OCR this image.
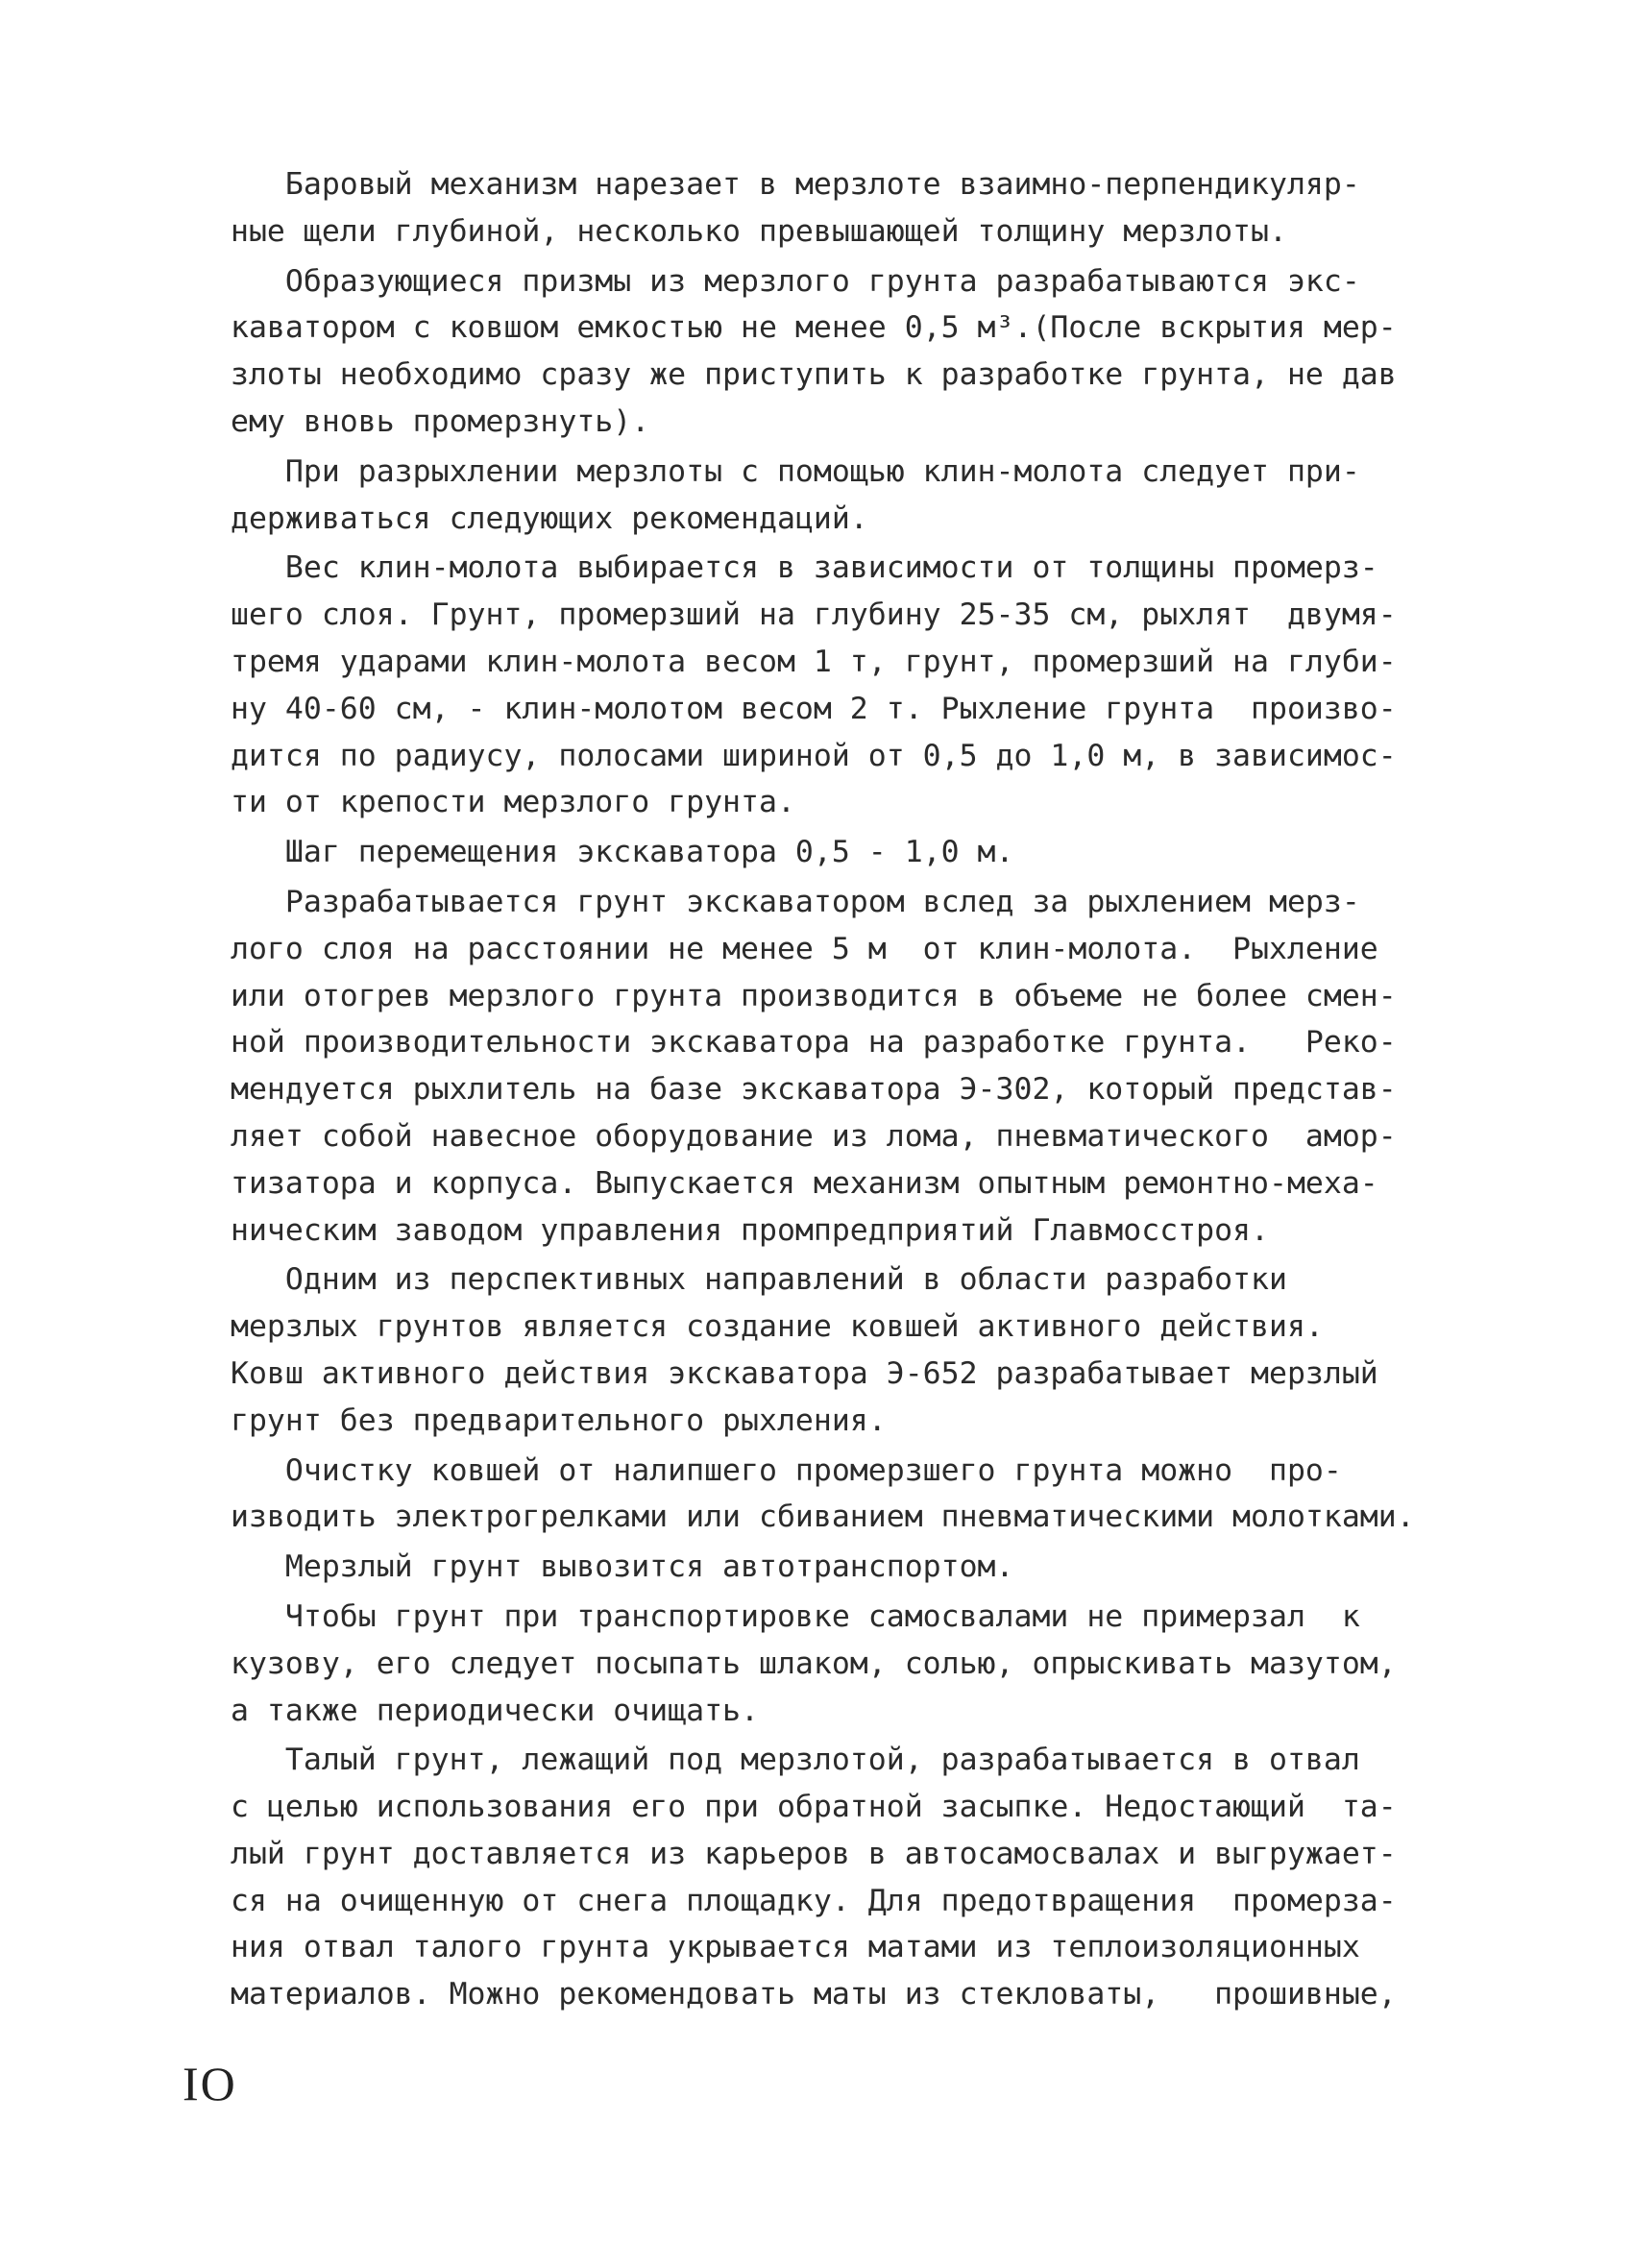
Баровый механизм нарезает в мерзлоте взаимно-перпендикуляр-
ные щели глубиной, несколько превышающей толщину мерзлоты.
Образующиеся призмы из мерзлого грунта разрабатываются экс-
каватором с ковшом емкостью не менее 0,5 м³.(После вскрытия мер-
злоты необходимо сразу же приступить к разработке грунта, не дав
ему вновь промерзнуть).
При разрыхлении мерзлоты с помощью клин-молота следует при-
держиваться следующих рекомендаций.
Вес клин-молота выбирается в зависимости от толщины промерз-
шего слоя. Грунт, промерзший на глубину 25-35 см, рыхлят  двумя-
тремя ударами клин-молота весом 1 т, грунт, промерзший на глуби-
ну 40-60 см, - клин-молотом весом 2 т. Рыхление грунта  произво-
дится по радиусу, полосами шириной от 0,5 до 1,0 м, в зависимос-
ти от крепости мерзлого грунта.
Шаг перемещения экскаватора 0,5 - 1,0 м.
Разрабатывается грунт экскаватором вслед за рыхлением мерз-
лого слоя на расстоянии не менее 5 м  от клин-молота.  Рыхление
или отогрев мерзлого грунта производится в объеме не более смен-
ной производительности экскаватора на разработке грунта.   Реко-
мендуется рыхлитель на базе экскаватора Э-302, который представ-
ляет собой навесное оборудование из лома, пневматического  амор-
тизатора и корпуса. Выпускается механизм опытным ремонтно-меха-
ническим заводом управления промпредприятий Главмосстроя.
Одним из перспективных направлений в области разработки
мерзлых грунтов является создание ковшей активного действия.
Ковш активного действия экскаватора Э-652 разрабатывает мерзлый
грунт без предварительного рыхления.
Очистку ковшей от налипшего промерзшего грунта можно  про-
изводить электрогрелками или сбиванием пневматическими молотками.
Мерзлый грунт вывозится автотранспортом.
Чтобы грунт при транспортировке самосвалами не примерзал  к
кузову, его следует посыпать шлаком, солью, опрыскивать мазутом,
а также периодически очищать.
Талый грунт, лежащий под мерзлотой, разрабатывается в отвал
с целью использования его при обратной засыпке. Недостающий  та-
лый грунт доставляется из карьеров в автосамосвалах и выгружает-
ся на очищенную от снега площадку. Для предотвращения  промерза-
ния отвал талого грунта укрывается матами из теплоизоляционных
материалов. Можно рекомендовать маты из стекловаты,   прошивные,
IO
